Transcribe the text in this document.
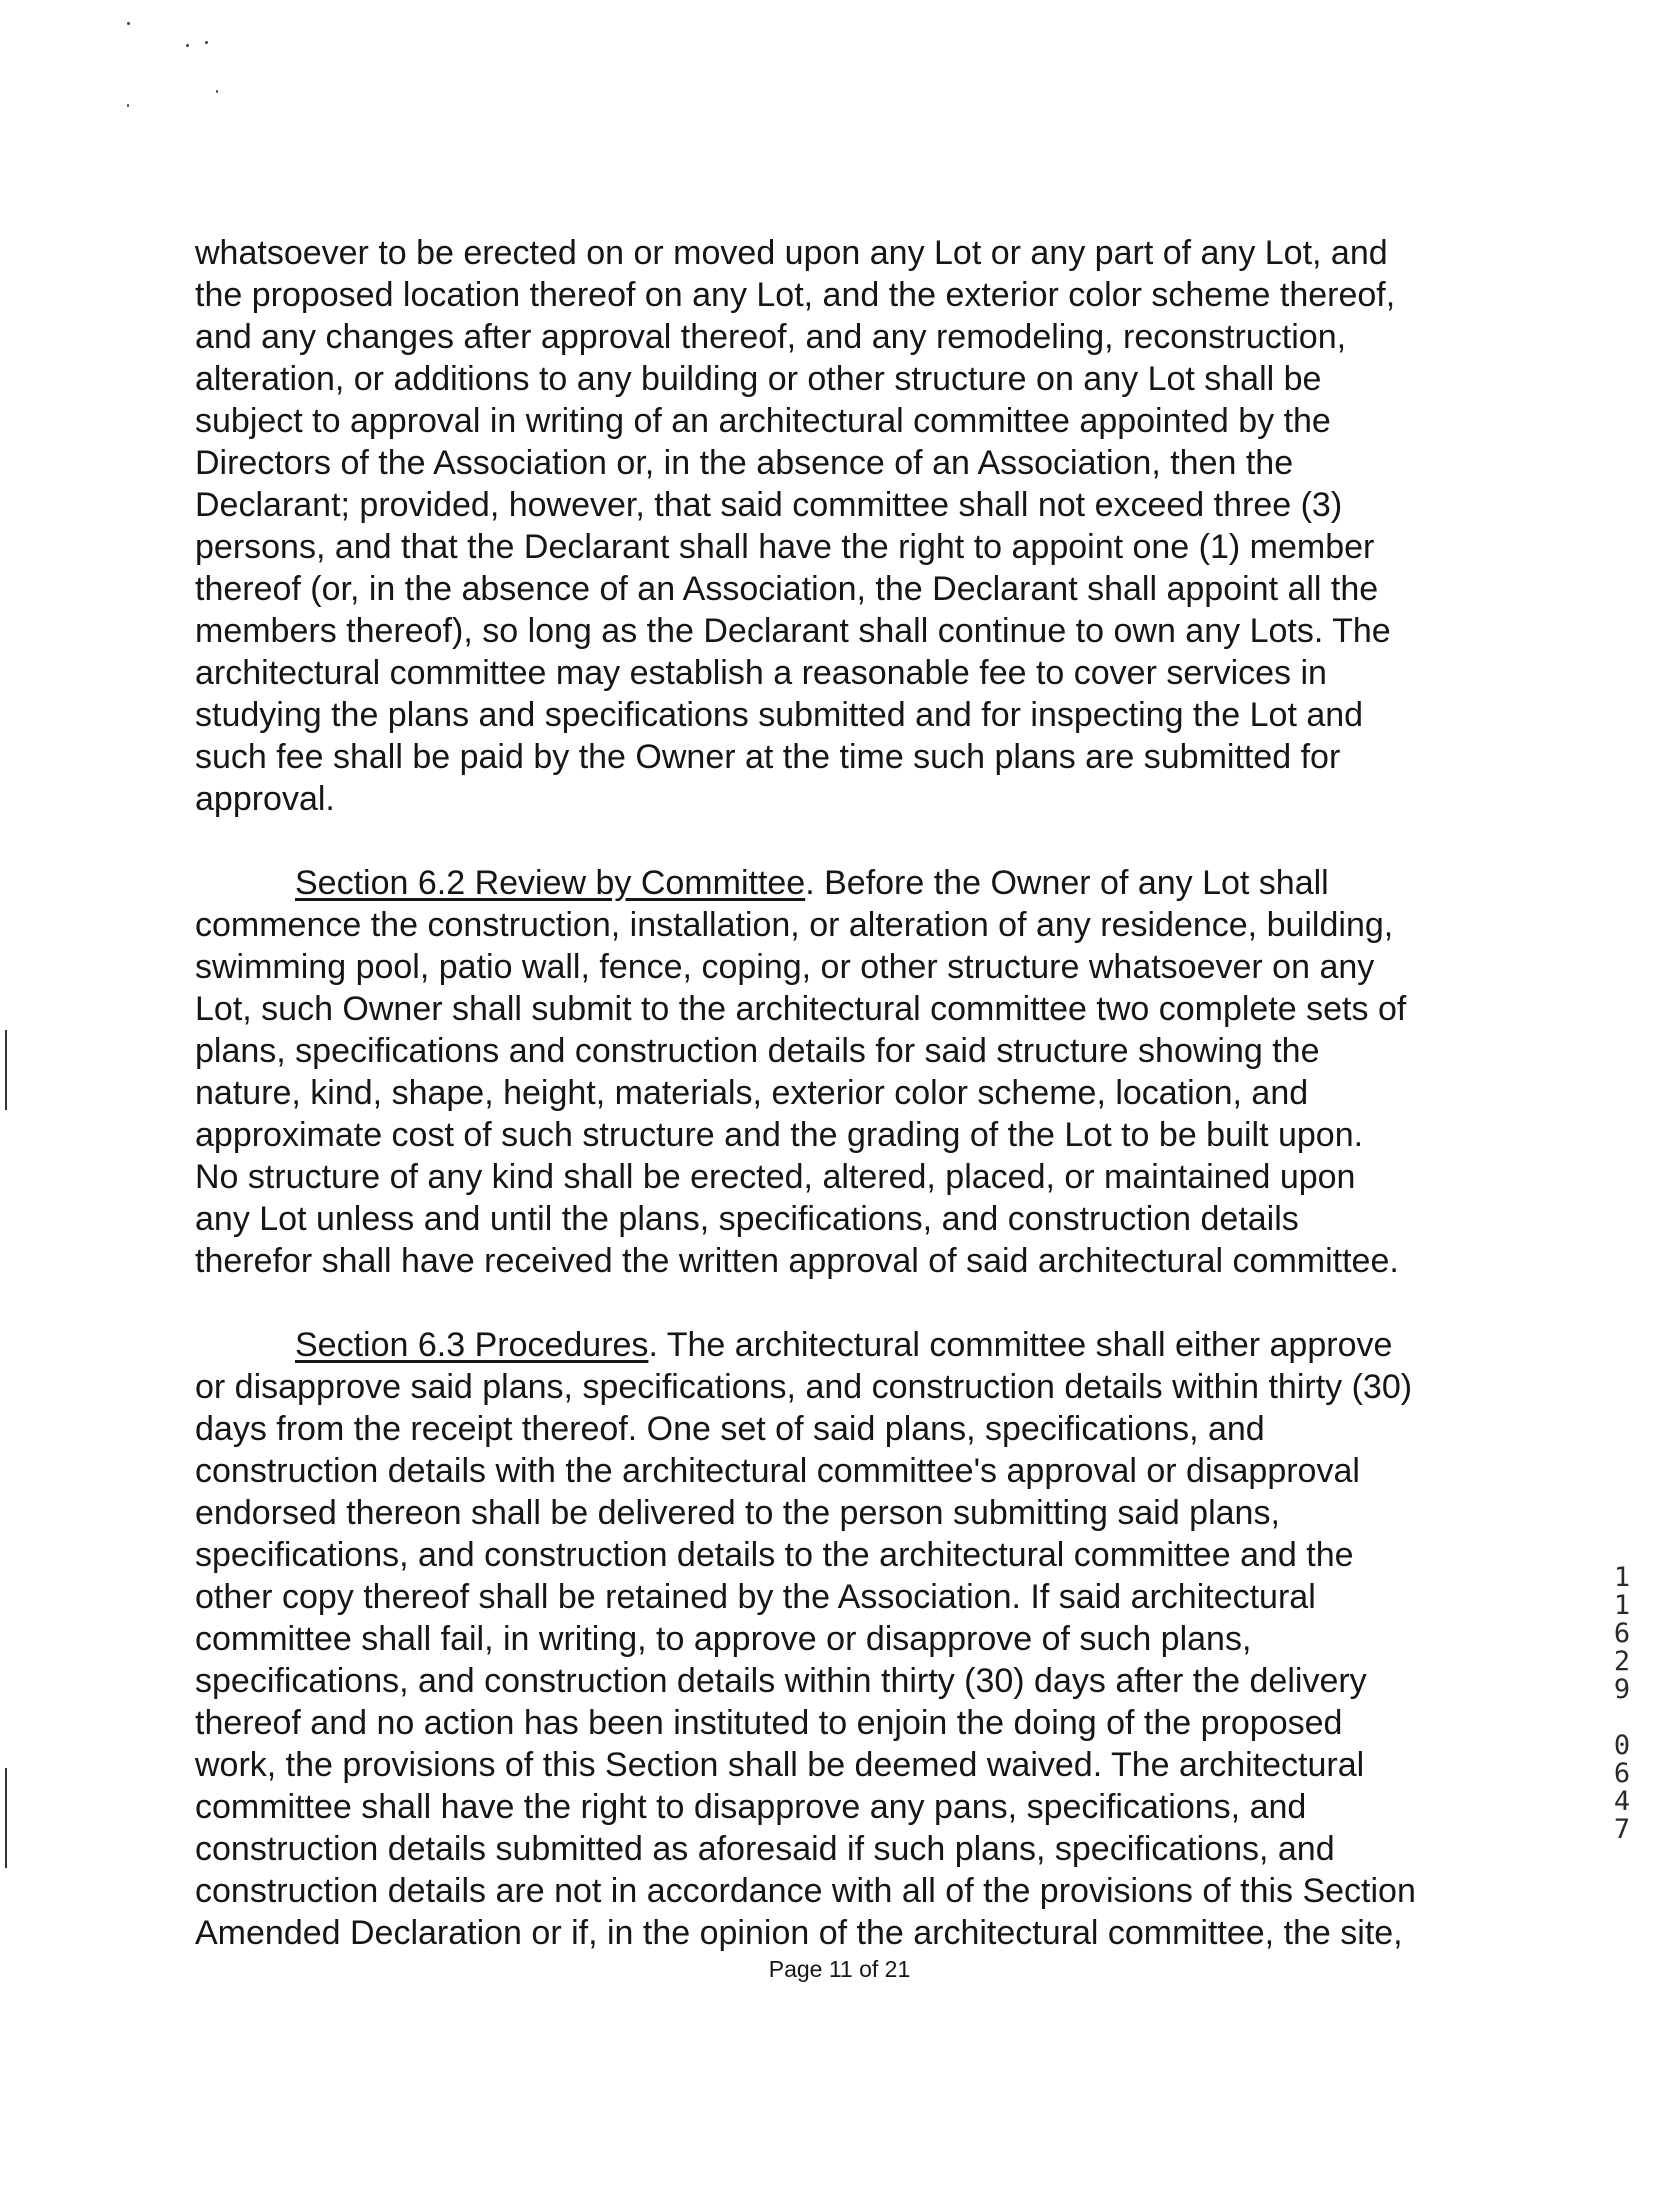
whatsoever to be erected on or moved upon any Lot or any part of any Lot, and
the proposed location thereof on any Lot, and the exterior color scheme thereof,
and any changes after approval thereof, and any remodeling, reconstruction,
alteration, or additions to any building or other structure on any Lot shall be
subject to approval in writing of an architectural committee appointed by the
Directors of the Association or, in the absence of an Association, then the
Declarant; provided, however, that said committee shall not exceed three (3)
persons, and that the Declarant shall have the right to appoint one (1) member
thereof (or, in the absence of an Association, the Declarant shall appoint all the
members thereof), so long as the Declarant shall continue to own any Lots. The
architectural committee may establish a reasonable fee to cover services in
studying the plans and specifications submitted and for inspecting the Lot and
such fee shall be paid by the Owner at the time such plans are submitted for
approval.

Section 6.2 Review by Committee. Before the Owner of any Lot shall
commence the construction, installation, or alteration of any residence, building,
swimming pool, patio wall, fence, coping, or other structure whatsoever on any
Lot, such Owner shall submit to the architectural committee two complete sets of
plans, specifications and construction details for said structure showing the
nature, kind, shape, height, materials, exterior color scheme, location, and
approximate cost of such structure and the grading of the Lot to be built upon.
No structure of any kind shall be erected, altered, placed, or maintained upon
any Lot unless and until the plans, specifications, and construction details
therefor shall have received the written approval of said architectural committee.

Section 6.3 Procedures. The architectural committee shall either approve
or disapprove said plans, specifications, and construction details within thirty (30)
days from the receipt thereof. One set of said plans, specifications, and
construction details with the architectural committee's approval or disapproval
endorsed thereon shall be delivered to the person submitting said plans,
specifications, and construction details to the architectural committee and the
other copy thereof shall be retained by the Association. If said architectural
committee shall fail, in writing, to approve or disapprove of such plans,
specifications, and construction details within thirty (30) days after the delivery
thereof and no action has been instituted to enjoin the doing of the proposed
work, the provisions of this Section shall be deemed waived. The architectural
committee shall have the right to disapprove any pans, specifications, and
construction details submitted as aforesaid if such plans, specifications, and
construction details are not in accordance with all of the provisions of this Section
Amended Declaration or if, in the opinion of the architectural committee, the site,

1
1
6
2
9

0
6
4
7
Page 11 of 21
